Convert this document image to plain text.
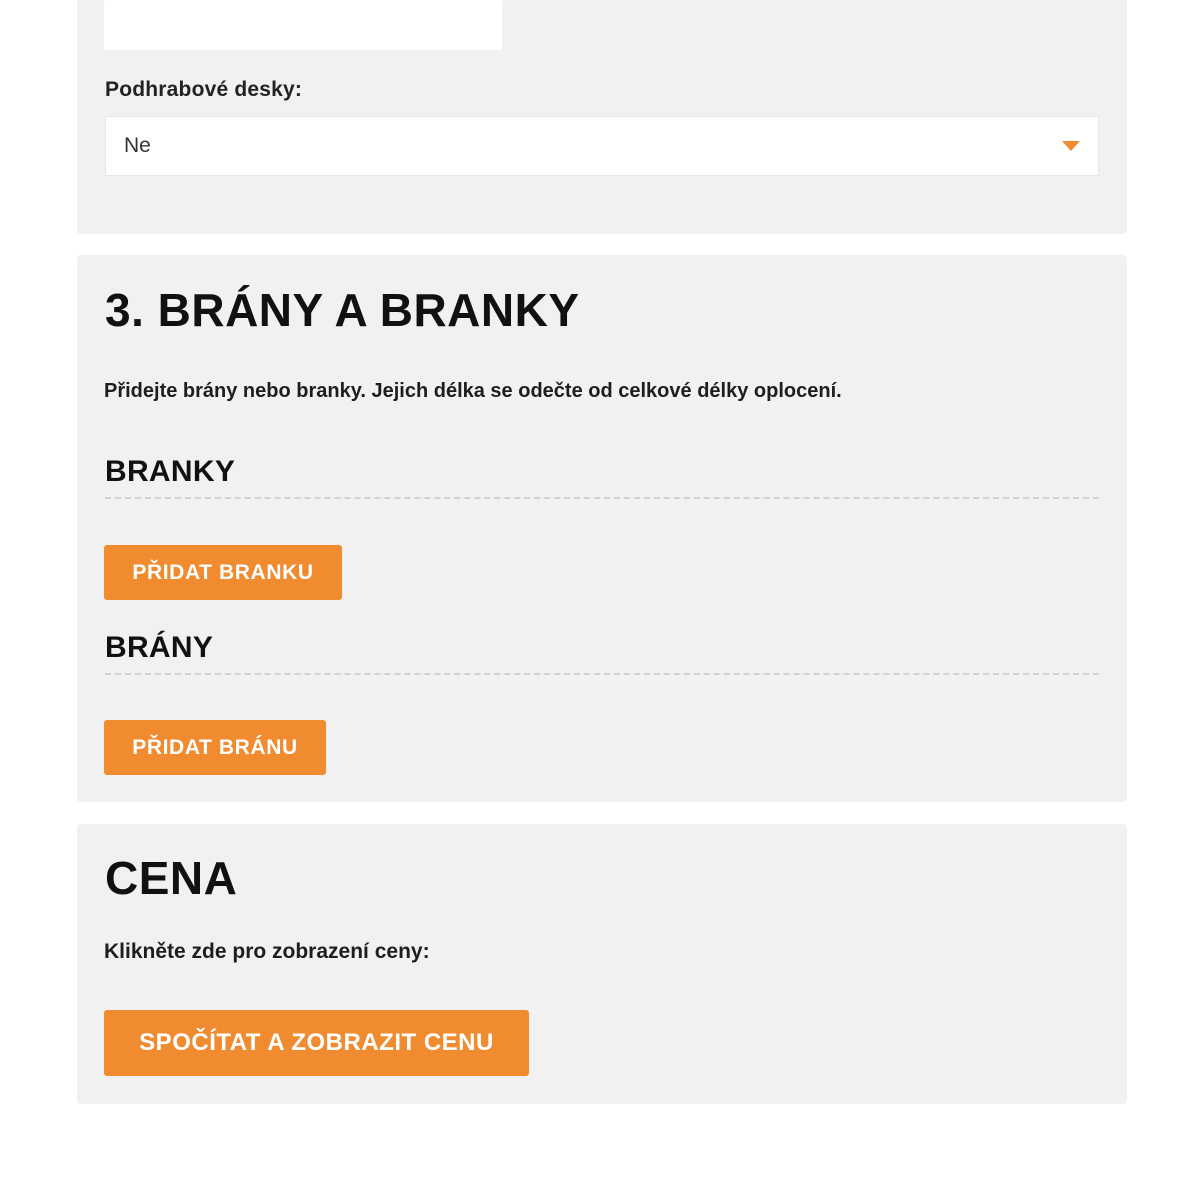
Podhrabové desky:
Ne
3. BRÁNY A BRANKY
Přidejte brány nebo branky. Jejich délka se odečte od celkové délky oplocení.
BRANKY
PŘIDAT BRANKU
BRÁNY
PŘIDAT BRÁNU
CENA
Klikněte zde pro zobrazení ceny:
SPOČÍTAT A ZOBRAZIT CENU
